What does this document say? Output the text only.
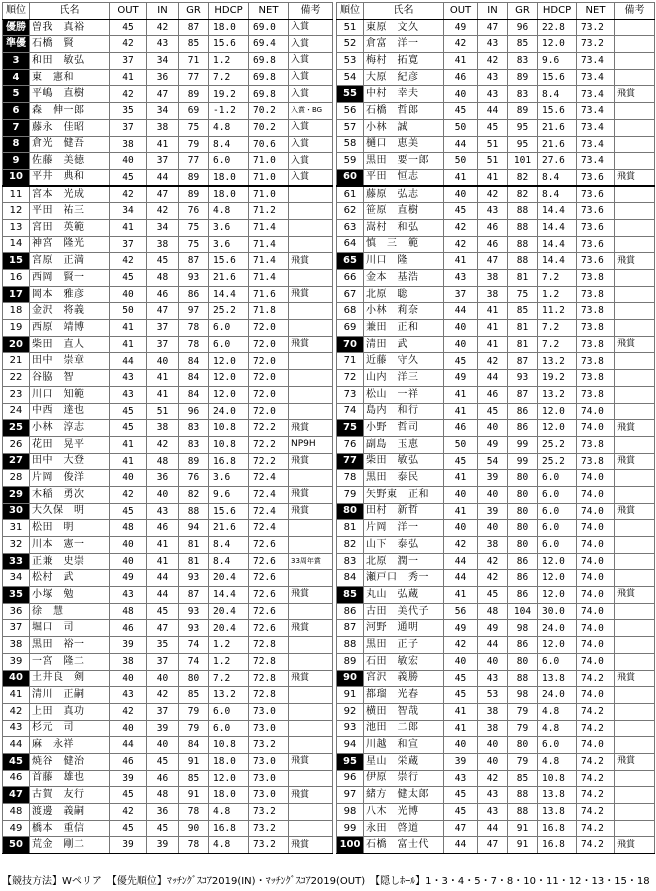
順位	氏名	OUT	IN	GR	HDCP	NET	備考
優勝	曽我　真裕	45	42	87	18.0	69.0	入賞
準優	石橋　賢	42	43	85	15.6	69.4	入賞
3	和田　敏弘	37	34	71	1.2	69.8	入賞
4	東　憲和	41	36	77	7.2	69.8	入賞
5	平嶋　直樹	42	47	89	19.2	69.8	入賞
6	森　伸一郎	35	34	69	-1.2	70.2	入賞・BG
7	藤永　佳昭	37	38	75	4.8	70.2	入賞
8	倉光　健吾	38	41	79	8.4	70.6	入賞
9	佐藤　美徳	40	37	77	6.0	71.0	入賞
10	平井　典和	45	44	89	18.0	71.0	入賞
11	宮本　光成	42	47	89	18.0	71.0	
12	平田　祐三	34	42	76	4.8	71.2	
13	宮田　英範	41	34	75	3.6	71.4	
14	神宮　隆光	37	38	75	3.6	71.4	
15	宮原　正満	42	45	87	15.6	71.4	飛賞
16	西岡　賢一	45	48	93	21.6	71.4	
17	岡本　雅彦	40	46	86	14.4	71.6	飛賞
18	金沢　将義	50	47	97	25.2	71.8	
19	西原　靖博	41	37	78	6.0	72.0	
20	柴田　直人	41	37	78	6.0	72.0	飛賞
21	田中　崇章	44	40	84	12.0	72.0	
22	谷脇　智	43	41	84	12.0	72.0	
23	川口　知範	43	41	84	12.0	72.0	
24	中西　達也	45	51	96	24.0	72.0	
25	小林　淳志	45	38	83	10.8	72.2	飛賞
26	花田　晃平	41	42	83	10.8	72.2	NP9H
27	田中　大登	41	48	89	16.8	72.2	飛賞
28	片岡　俊洋	40	36	76	3.6	72.4	
29	木稲　勇次	42	40	82	9.6	72.4	飛賞
30	大久保　明	45	43	88	15.6	72.4	飛賞
31	松田　明	48	46	94	21.6	72.4	
32	川本　憲一	40	41	81	8.4	72.6	
33	正兼　史崇	40	41	81	8.4	72.6	33周年賞
34	松村　武	49	44	93	20.4	72.6	
35	小塚　勉	43	44	87	14.4	72.6	飛賞
36	徐　慧	48	45	93	20.4	72.6	
37	堀口　司	46	47	93	20.4	72.6	飛賞
38	黒田　裕一	39	35	74	1.2	72.8	
39	一宮　隆二	38	37	74	1.2	72.8	
40	土井良　剣	40	40	80	7.2	72.8	飛賞
41	清川　正嗣	43	42	85	13.2	72.8	
42	上田　真功	42	37	79	6.0	73.0	
43	杉元　司	40	39	79	6.0	73.0	
44	麻　永祥	44	40	84	10.8	73.2	
45	焼谷　健治	46	45	91	18.0	73.0	飛賞
46	首藤　雄也	39	46	85	12.0	73.0	
47	古賀　友行	45	48	91	18.0	73.0	飛賞
48	渡邊　義嗣	42	36	78	4.8	73.2	
49	橋本　重信	45	45	90	16.8	73.2	
50	荒金　剛二	39	39	78	4.8	73.2	飛賞
順位	氏名	OUT	IN	GR	HDCP	NET	備考
51	東原　文久	49	47	96	22.8	73.2	
52	倉富　洋一	42	43	85	12.0	73.2	
53	梅村　拓寛	41	42	83	9.6	73.4	
54	大原　紀彦	46	43	89	15.6	73.4	
55	中村　幸夫	40	43	83	8.4	73.4	飛賞
56	石橋　哲郎	45	44	89	15.6	73.4	
57	小林　誠	50	45	95	21.6	73.4	
58	樋口　恵美	44	51	95	21.6	73.4	
59	黒田　要一郎	50	51	101	27.6	73.4	
60	平田　恒志	41	41	82	8.4	73.6	飛賞
61	藤原　弘志	40	42	82	8.4	73.6	
62	笹原　直樹	45	43	88	14.4	73.6	
63	嵩村　和弘	42	46	88	14.4	73.6	
64	慎　三　範	42	46	88	14.4	73.6	
65	川口　隆	41	47	88	14.4	73.6	飛賞
66	金本　基浩	43	38	81	7.2	73.8	
67	北原　聡	37	38	75	1.2	73.8	
68	小林　莉奈	44	41	85	11.2	73.8	
69	兼田　正和	40	41	81	7.2	73.8	
70	清田　武	40	41	81	7.2	73.8	飛賞
71	近藤　守久	45	42	87	13.2	73.8	
72	山内　洋三	49	44	93	19.2	73.8	
73	松山　一祥	41	46	87	13.2	73.8	
74	島内　和行	41	45	86	12.0	74.0	
75	小野　哲司	46	40	86	12.0	74.0	飛賞
76	副島　玉恵	50	49	99	25.2	73.8	
77	柴田　敏弘	45	54	99	25.2	73.8	飛賞
78	黒田　泰民	41	39	80	6.0	74.0	
79	矢野東　正和	40	40	80	6.0	74.0	
80	田村　新哲	41	39	80	6.0	74.0	飛賞
81	片岡　洋一	40	40	80	6.0	74.0	
82	山下　泰弘	42	38	80	6.0	74.0	
83	北原　潤一	44	42	86	12.0	74.0	
84	瀬戸口　秀一	44	42	86	12.0	74.0	
85	丸山　弘蔵	41	45	86	12.0	74.0	飛賞
86	古田　美代子	56	48	104	30.0	74.0	
87	河野　通明	49	49	98	24.0	74.0	
88	黒田　正子	42	44	86	12.0	74.0	
89	石田　敏宏	40	40	80	6.0	74.0	
90	宮沢　義勝	45	43	88	13.8	74.2	飛賞
91	都瑠　光春	45	53	98	24.0	74.0	
92	横田　智哉	41	38	79	4.8	74.2	
93	池田　二郎	41	38	79	4.8	74.2	
94	川越　和宣	40	40	80	6.0	74.0	
95	星山　栄蔵	39	40	79	4.8	74.2	飛賞
96	伊原　崇行	43	42	85	10.8	74.2	
97	緒方　健太郎	45	43	88	13.8	74.2	
98	八木　光博	45	43	88	13.8	74.2	
99	永田　啓道	47	44	91	16.8	74.2	
100	石橋　富士代	44	47	91	16.8	74.2	飛賞
【競技方法】Wペリア　【優先順位】ﾏｯﾁﾝｸﾞｽｺｱ2019(IN)・ﾏｯﾁﾝｸﾞｽｺｱ2019(OUT)　【隠しﾎｰﾙ】1・3・4・5・7・8・10・11・12・13・15・18
